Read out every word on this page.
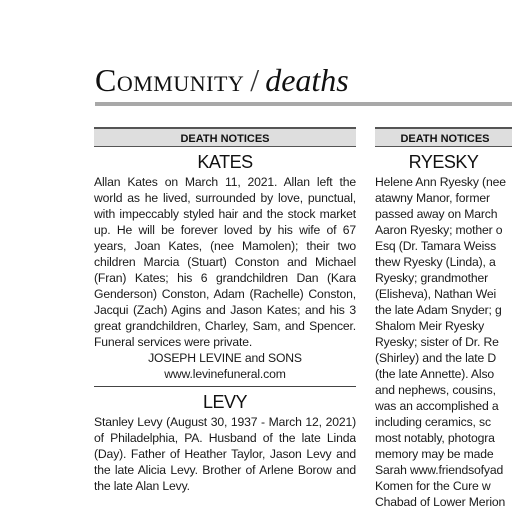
Community / deaths
DEATH NOTICES
KATES

Allan Kates on March 11, 2021. Allan left the world as he lived, surrounded by love, punctual, with impeccably styled hair and the stock market up. He will be forever loved by his wife of 67 years, Joan Kates, (nee Mamolen); their two children Marcia (Stuart) Conston and Michael (Fran) Kates; his 6 grandchildren Dan (Kara Genderson) Conston, Adam (Rachelle) Conston, Jacqui (Zach) Agins and Jason Kates; and his 3 great grandchildren, Charley, Sam, and Spencer. Funeral services were private.

JOSEPH LEVINE and SONS
www.levinefuneral.com
LEVY

Stanley Levy (August 30, 1937 - March 12, 2021) of Philadelphia, PA. Husband of the late Linda (Day). Father of Heather Taylor, Jason Levy and the late Alicia Levy. Brother of Arlene Borow and the late Alan Levy.

DEATH NOTICES
RYESKY
Helene Ann Ryesky (nee
atawny Manor, former
passed away on March
Aaron Ryesky; mother o
Esq (Dr. Tamara Weiss
thew Ryesky (Linda), a
Ryesky; grandmother
(Elisheva), Nathan Wei
the late Adam Snyder; g
Shalom Meir Ryesky
Ryesky; sister of Dr. Re
(Shirley) and the late D
(the late Annette). Also
and nephews, cousins,
was an accomplished a
including ceramics, sc
most notably, photogra
memory may be made
Sarah www.friendsofyad
Komen for the Cure w
Chabad of Lower Merion
